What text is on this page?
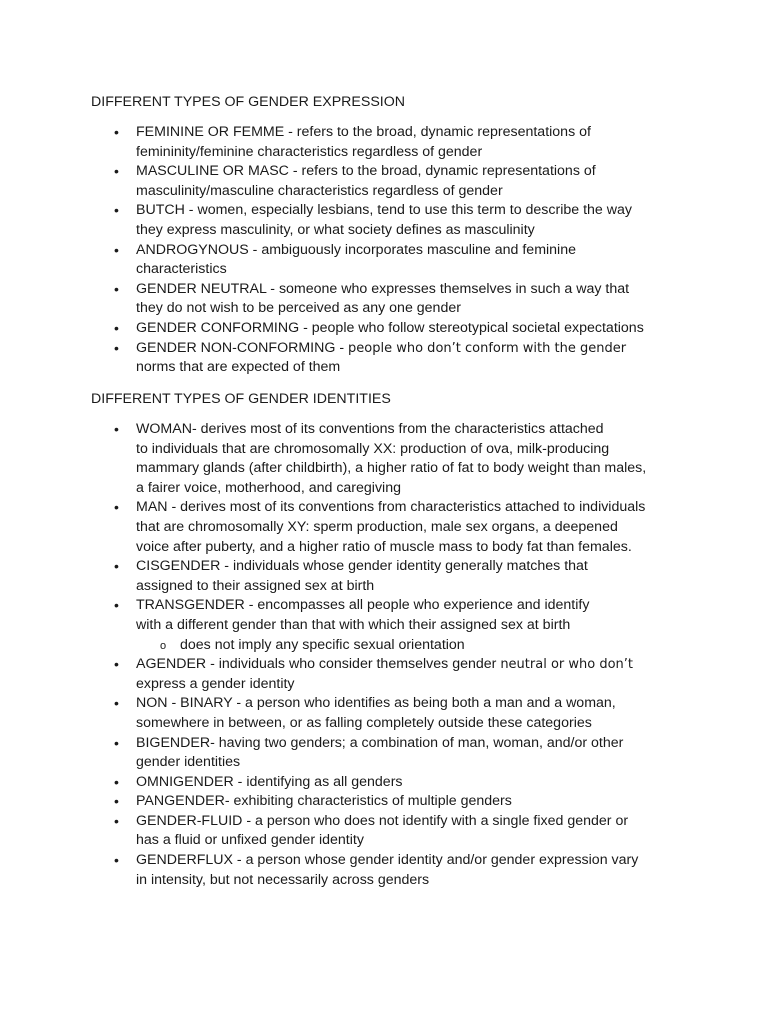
DIFFERENT TYPES OF GENDER EXPRESSION
• FEMININE OR FEMME - refers to the broad, dynamic representations of
femininity/feminine characteristics regardless of gender
• MASCULINE OR MASC - refers to the broad, dynamic representations of
masculinity/masculine characteristics regardless of gender
• BUTCH - women, especially lesbians, tend to use this term to describe the way
they express masculinity, or what society defines as masculinity
• ANDROGYNOUS - ambiguously incorporates masculine and feminine
characteristics
• GENDER NEUTRAL - someone who expresses themselves in such a way that
they do not wish to be perceived as any one gender
• GENDER CONFORMING - people who follow stereotypical societal expectations
• GENDER NON-CONFORMING - people who don’t conform with the gender
norms that are expected of them
DIFFERENT TYPES OF GENDER IDENTITIES
• WOMAN- derives most of its conventions from the characteristics attached
to individuals that are chromosomally XX: production of ova, milk-producing
mammary glands (after childbirth), a higher ratio of fat to body weight than males,
a fairer voice, motherhood, and caregiving
• MAN - derives most of its conventions from characteristics attached to individuals
that are chromosomally XY: sperm production, male sex organs, a deepened
voice after puberty, and a higher ratio of muscle mass to body fat than females.
• CISGENDER - individuals whose gender identity generally matches that
assigned to their assigned sex at birth
• TRANSGENDER - encompasses all people who experience and identify
with a different gender than that with which their assigned sex at birth
o does not imply any specific sexual orientation
• AGENDER - individuals who consider themselves gender neutral or who don’t
express a gender identity
• NON - BINARY - a person who identifies as being both a man and a woman,
somewhere in between, or as falling completely outside these categories
• BIGENDER- having two genders; a combination of man, woman, and/or other
gender identities
• OMNIGENDER - identifying as all genders
• PANGENDER- exhibiting characteristics of multiple genders
• GENDER-FLUID - a person who does not identify with a single fixed gender or
has a fluid or unfixed gender identity
• GENDERFLUX - a person whose gender identity and/or gender expression vary
in intensity, but not necessarily across genders
